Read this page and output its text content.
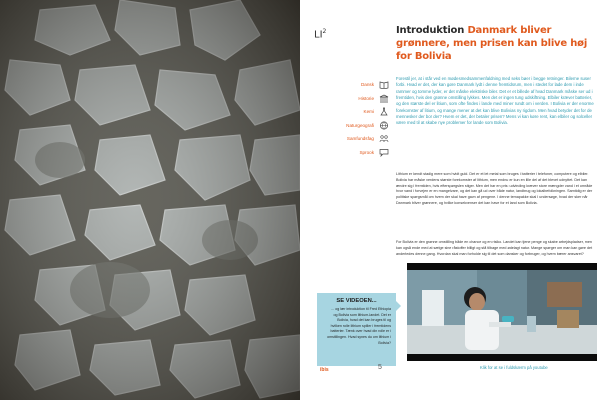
$LI^2$	Introduktion Danmark bliver grønnere, men prisen kan blive høj for Bolivia
Dansk
Historie
Kemi
Naturgeografi
Samfundsfag
Sprook

Forestil jer, at i står ved en mødesmedsammenfaldning med seks bøer i begge retninger. Bilerne suser forbi. Hvad er det, der kan gøre Danmark lydt i denne fremtidsrum, men i stedet for lade dem i inde rammer og tomme lyder, er det måske elektriske biler. Det er et billede af hvad Danmark måske ser ud i fremtiden, hvis den grønne omstilling lykkes. Men det er ingen tung udskiftning. Elbiler kræver batterier, og den største del er litium, som ofte findes i lande med miner rundt om i verden. I Bolivia er der enorme forekomster af litium, og mange mener at det kan blive Bolivias ny rigdom. Men hvad betyder det for de mennesker der bor der? Hvem er det, der betaler prisen? Mens vi kan køre rent, kan elbiler og solceller være med til at skabe nye problemer for lande som Bolivia.

Lithium er kendt stadig mere som hvidt guld. Det er et let metal som bruges i batterier i telefoner, computere og elbiler. Bolivia har måske verdens største forekomster af lithium, men endnu er kun en lille del af det blevet udnyttet. Det kan ændre sig i fremtiden, hvis efterspørgslen stiger. Men det har en pris: udvinding kræver store mængder vand i et område hvor vand i forvejen er en mangelvare, og det kan gå ud over både natur, landbrug og lokalbefolkningen. Samtidig er der politiske spørgsmål om hvem der skal have gavn af pengene. I denne temapakke skal I undersøge, hvad der sker når Danmark bliver grønnere, og hvilke konsekvenser det kan have for et land som Bolivia.

For Bolivia er den grønne omstilling både en chance og en risiko. Landet kan tjene penge og skabe arbejdspladser, men kan også ende med at sælge sine råstoffer billigt og stå tilbage med ødelagt natur. Mange spørger om man kan gøre det anderledes denne gang. Hvordan skal man forholde sig til det som dansker og forbruger, og hvem bærer ansvaret?

SE VIDEOEN...

... og lær introduktion til Fred Ethiopia og Bolivia som lithium-landet. Det er Bolivia, hvad det kan bruges til og hvilken rolle lithium spiller i fremtidens batterier. Tænk over hvad din rolle er i omstillingen. Hvad synes du om lithium i Bolivia?

Klik for at se i fuldskærm på youtube

ibis	5
